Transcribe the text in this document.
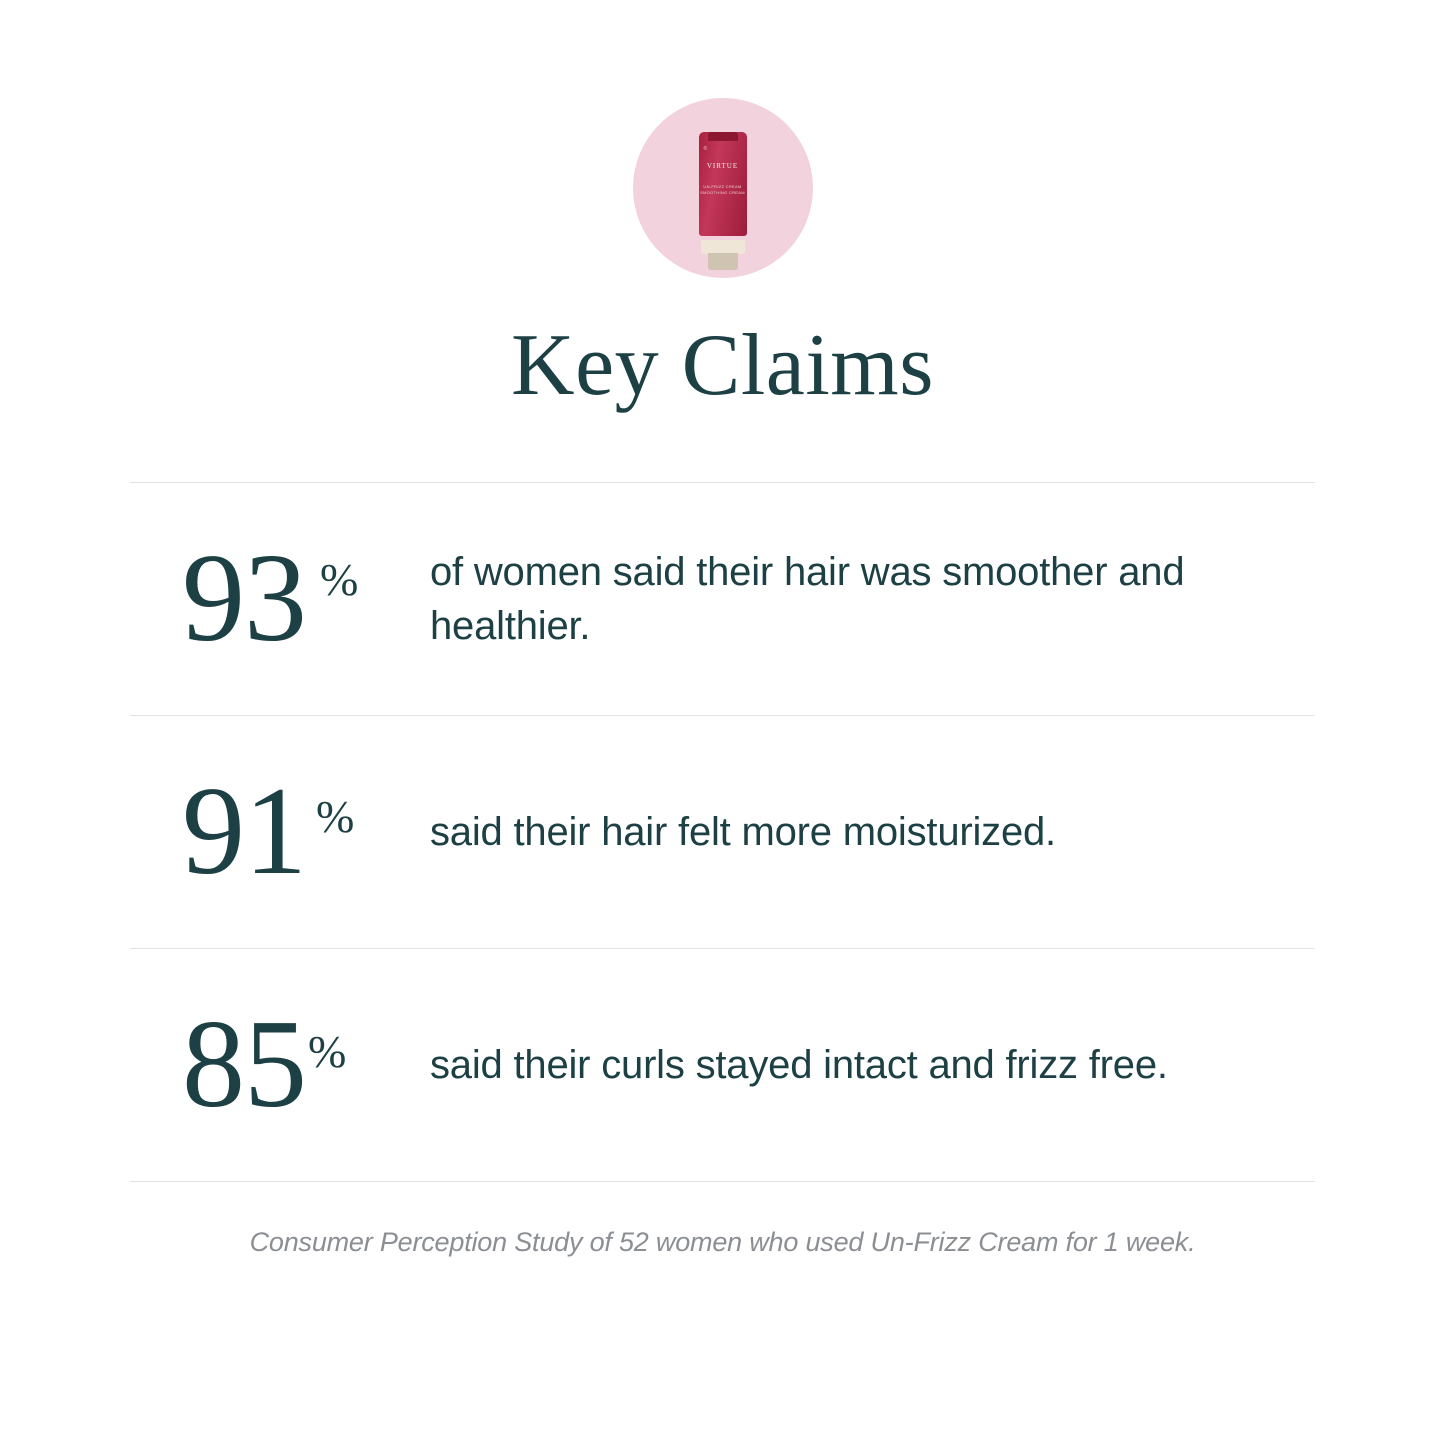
®
VIRTUE
UN-FRIZZ CREAM SMOOTHING CREAM
Key Claims
93 % of women said their hair was smoother and healthier.
91 % said their hair felt more moisturized.
85 % said their curls stayed intact and frizz free.
Consumer Perception Study of 52 women who used Un-Frizz Cream for 1 week.
